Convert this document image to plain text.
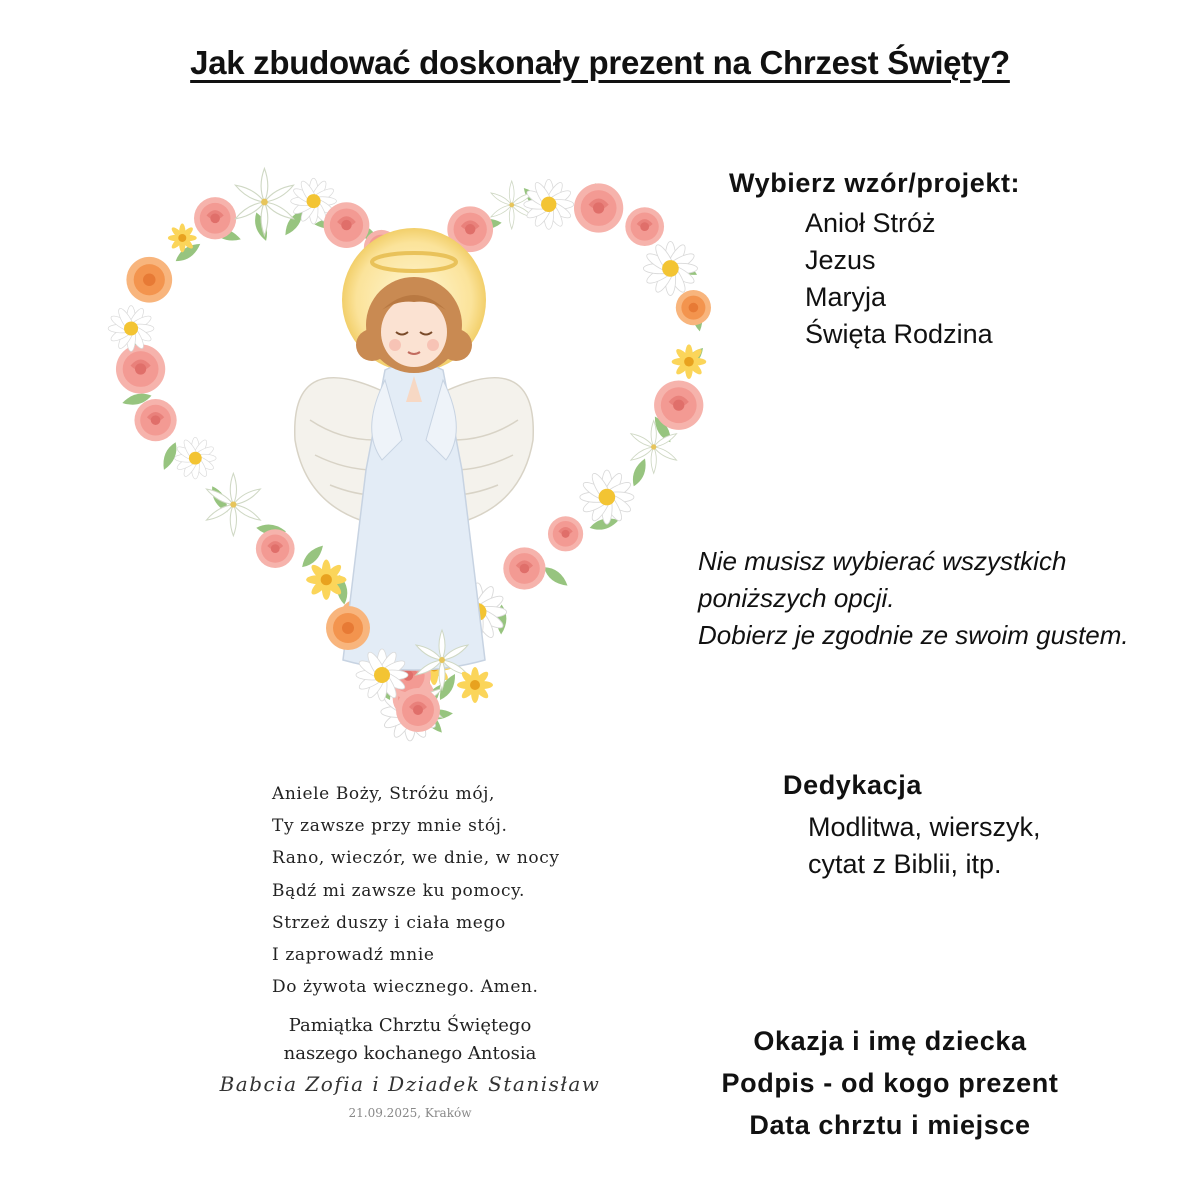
Jak zbudować doskonały prezent na Chrzest Święty?
Wybierz wzór/projekt:
Anioł Stróż
Jezus
Maryja
Święta Rodzina
Nie musisz wybierać wszystkich
poniższych opcji.
Dobierz je zgodnie ze swoim gustem.
Dedykacja
Modlitwa, wierszyk,
cytat z Biblii, itp.
Aniele Boży, Stróżu mój,
Ty zawsze przy mnie stój.
Rano, wieczór, we dnie, w nocy
Bądź mi zawsze ku pomocy.
Strzeż duszy i ciała mego
I zaprowadź mnie
Do żywota wiecznego. Amen.
Pamiątka Chrztu Świętego
naszego kochanego Antosia
Babcia Zofia i Dziadek Stanisław
21.09.2025, Kraków
Okazja i imę dziecka
Podpis - od kogo prezent
Data chrztu i miejsce
